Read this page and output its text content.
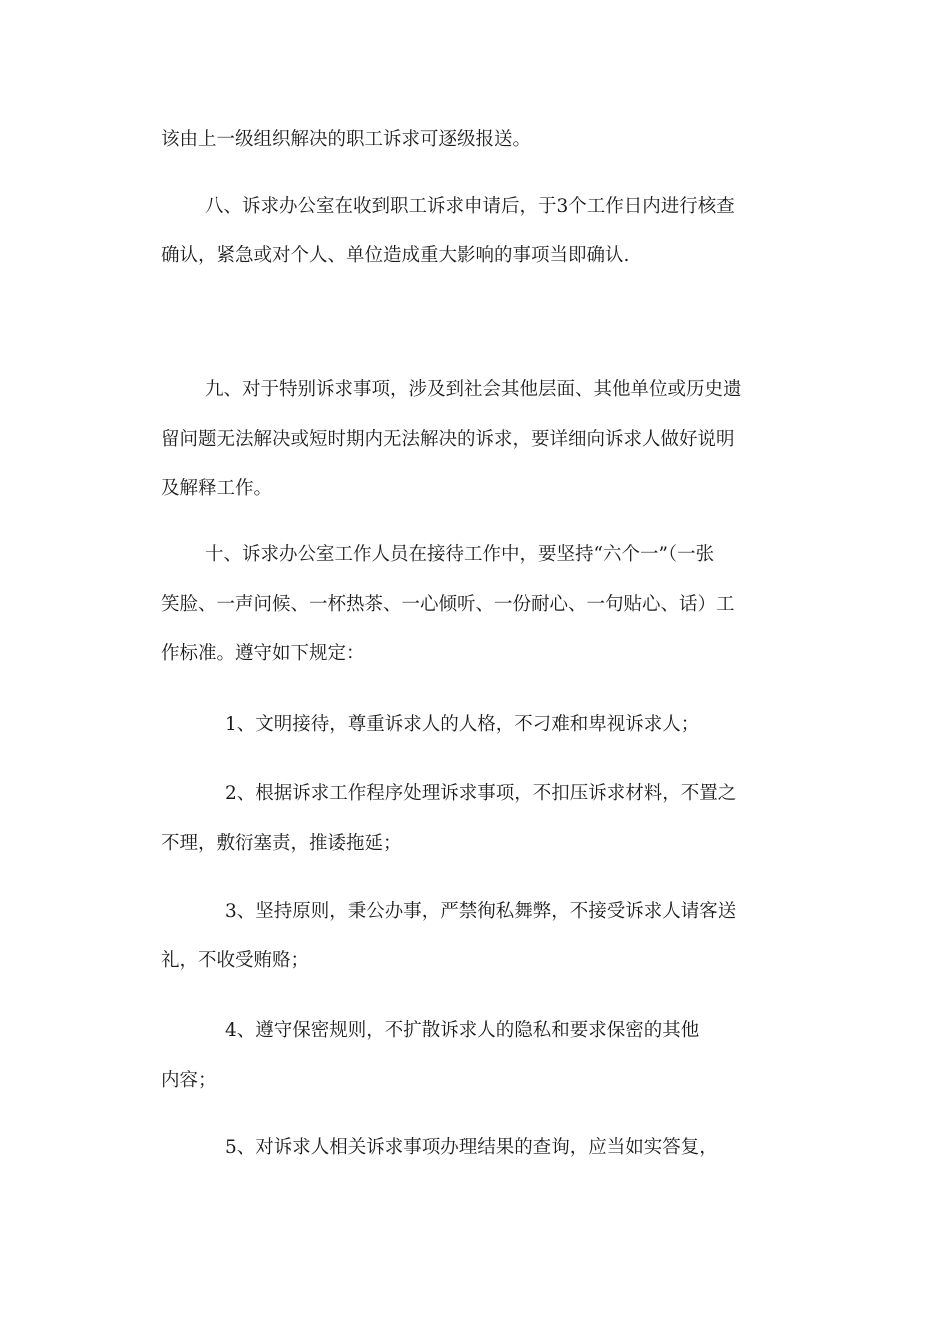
该由上一级组织解决的职工诉求可逐级报送。

八、诉求办公室在收到职工诉求申请后，于3个工作日内进行核查

确认，紧急或对个人、单位造成重大影响的事项当即确认.

九、对于特别诉求事项，涉及到社会其他层面、其他单位或历史遗

留问题无法解决或短时期内无法解决的诉求，要详细向诉求人做好说明

及解释工作。

十、诉求办公室工作人员在接待工作中，要坚持“六个一”（一张

笑脸、一声问候、一杯热茶、一心倾听、一份耐心、一句贴心、话）工

作标准。遵守如下规定：

1、文明接待，尊重诉求人的人格，不刁难和卑视诉求人；

2、根据诉求工作程序处理诉求事项，不扣压诉求材料，不置之

不理，敷衍塞责，推诿拖延；

3、坚持原则，秉公办事，严禁徇私舞弊，不接受诉求人请客送

礼，不收受贿赂；

4、遵守保密规则，不扩散诉求人的隐私和要求保密的其他

内容；

5、对诉求人相关诉求事项办理结果的查询，应当如实答复，
